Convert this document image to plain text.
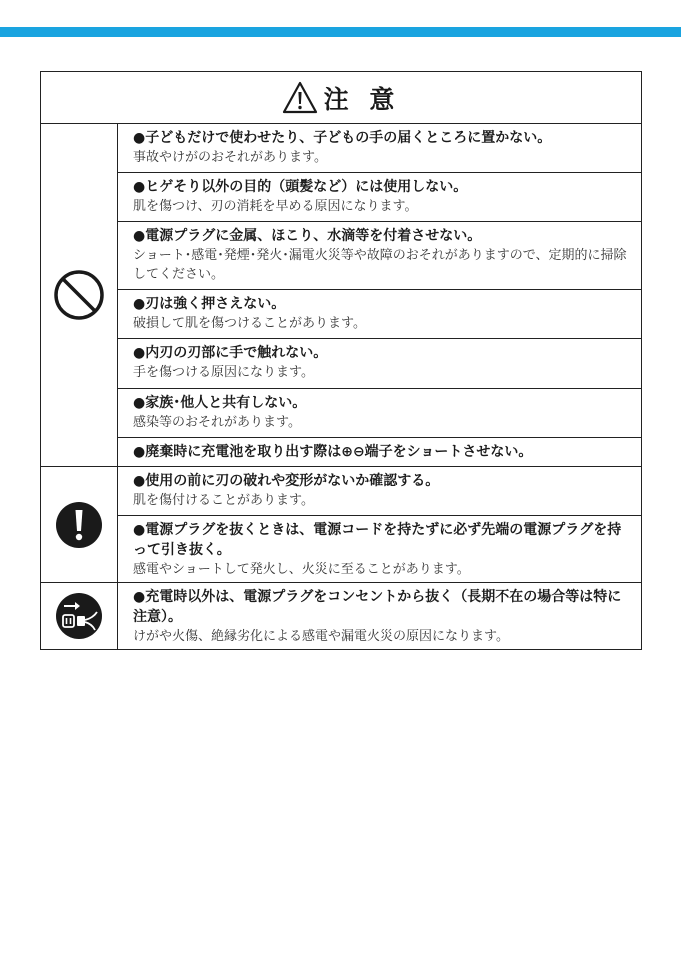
注 意
●子どもだけで使わせたり、子どもの手の届くところに置かない。
事故やけがのおそれがあります。
●ヒゲそり以外の目的（頭髪など）には使用しない。
肌を傷つけ、刃の消耗を早める原因になります。
●電源プラグに金属、ほこり、水滴等を付着させない。
ショート･感電･発煙･発火･漏電火災等や故障のおそれがありますので、定期的に掃除してください。
●刃は強く押さえない。
破損して肌を傷つけることがあります。
●内刃の刃部に手で触れない。
手を傷つける原因になります。
●家族･他人と共有しない。
感染等のおそれがあります。
●廃棄時に充電池を取り出す際は⊕⊖端子をショートさせない。
●使用の前に刃の破れや変形がないか確認する。
肌を傷付けることがあります。
●電源プラグを抜くときは、電源コードを持たずに必ず先端の電源プラグを持って引き抜く。
感電やショートして発火し、火災に至ることがあります。
●充電時以外は、電源プラグをコンセントから抜く（長期不在の場合等は特に注意）。
けがや火傷、絶縁劣化による感電や漏電火災の原因になります。
